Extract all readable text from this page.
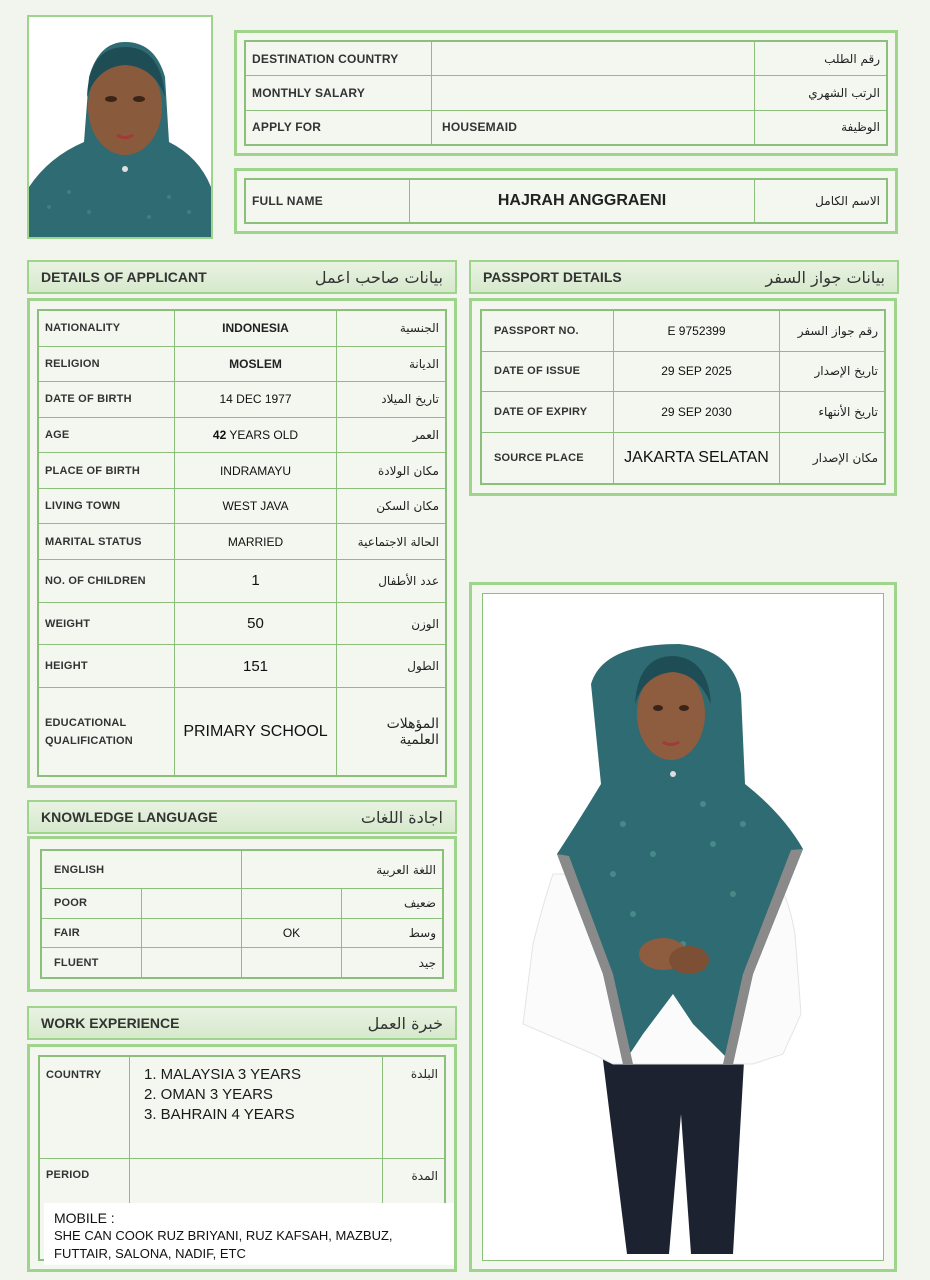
DESTINATION COUNTRY		رقم الطلب
MONTHLY SALARY		الرتب الشهري
APPLY FOR	HOUSEMAID	الوظيفة
FULL NAME	HAJRAH ANGGRAENI	الاسم الكامل
DETAILS OF APPLICANT	بيانات صاحب اعمل
NATIONALITY	INDONESIA	الجنسية
RELIGION	MOSLEM	الديانة
DATE OF BIRTH	14 DEC 1977	تاريخ الميلاد
AGE	42 YEARS OLD	العمر
PLACE OF BIRTH	INDRAMAYU	مكان الولادة
LIVING TOWN	WEST JAVA	مكان السكن
MARITAL STATUS	MARRIED	الحالة الاجتماعية
NO. OF CHILDREN	1	عدد الأطفال
WEIGHT	50	الوزن
HEIGHT	151	الطول
EDUCATIONAL QUALIFICATION	PRIMARY SCHOOL	المؤهلات العلمية
PASSPORT DETAILS	بيانات جواز السفر
PASSPORT NO.	E 9752399	رقم جواز السفر
DATE OF ISSUE	29 SEP 2025	تاريخ الإصدار
DATE OF EXPIRY	29 SEP 2030	تاريخ الأنتهاء
SOURCE PLACE	JAKARTA SELATAN	مكان الإصدار
KNOWLEDGE LANGUAGE	اجادة اللغات
ENGLISH		اللغة العربية	
POOR			ضعيف
FAIR		OK	وسط
FLUENT			جيد
WORK EXPERIENCE	خبرة العمل
COUNTRY	1. MALAYSIA 3 YEARS
2. OMAN 3 YEARS
3. BAHRAIN 4 YEARS	البلدة
PERIOD		المدة
MOBILE :
SHE CAN COOK RUZ BRIYANI, RUZ KAFSAH, MAZBUZ,
FUTTAIR, SALONA, NADIF, ETC
